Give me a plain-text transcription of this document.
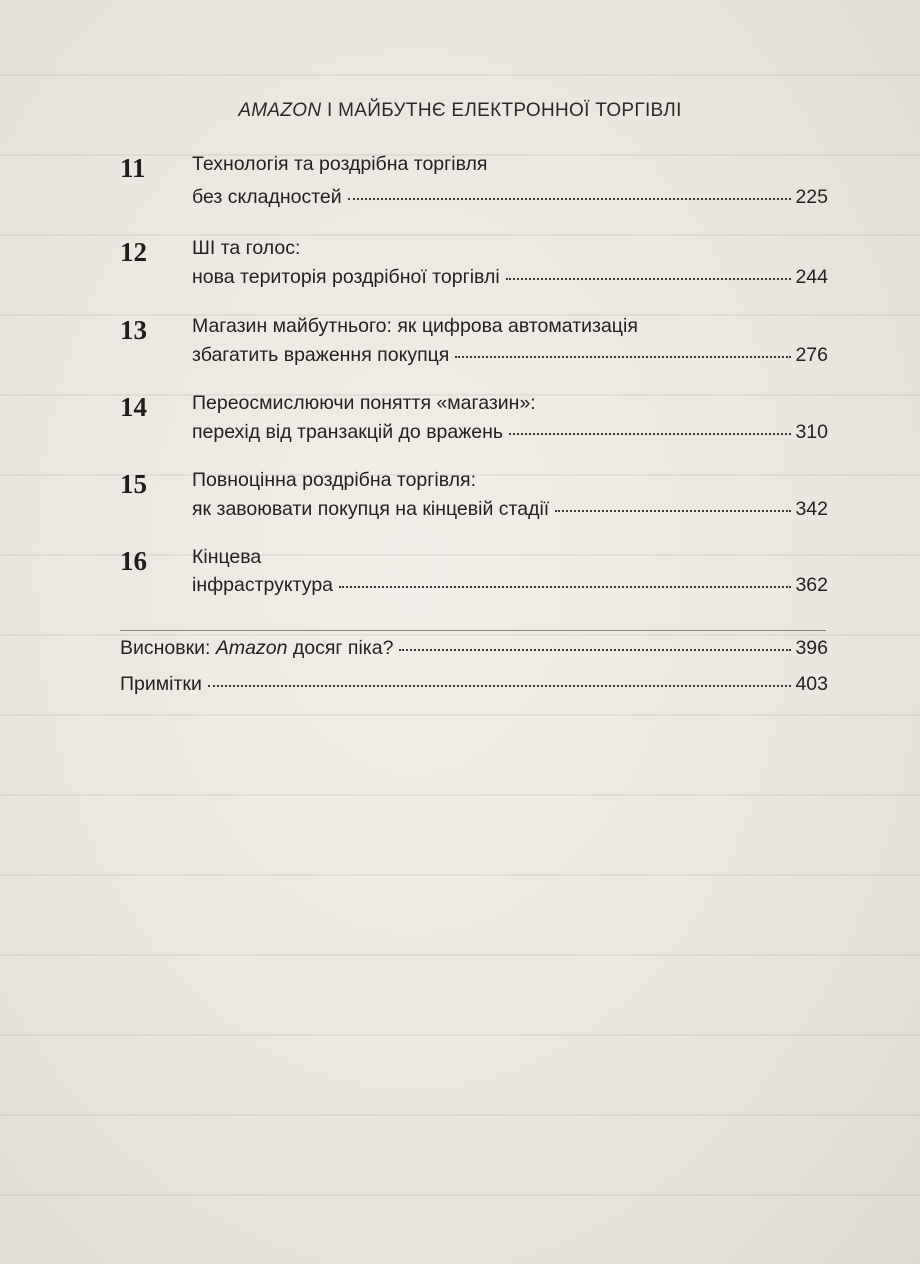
AMAZON І МАЙБУТНЄ ЕЛЕКТРОННОЇ ТОРГІВЛІ
11 Технологія та роздрібна торгівля
без складностей	225
12 ШІ та голос:
нова територія роздрібної торгівлі	244
13 Магазин майбутнього: як цифрова автоматизація
збагатить враження покупця	276
14 Переосмислюючи поняття «магазин»:
перехід від транзакцій до вражень	310
15 Повноцінна роздрібна торгівля:
як завоювати покупця на кінцевій стадії	342
16 Кінцева
інфраструктура	362
Висновки: Amazon досяг піка?	396
Примітки	403
